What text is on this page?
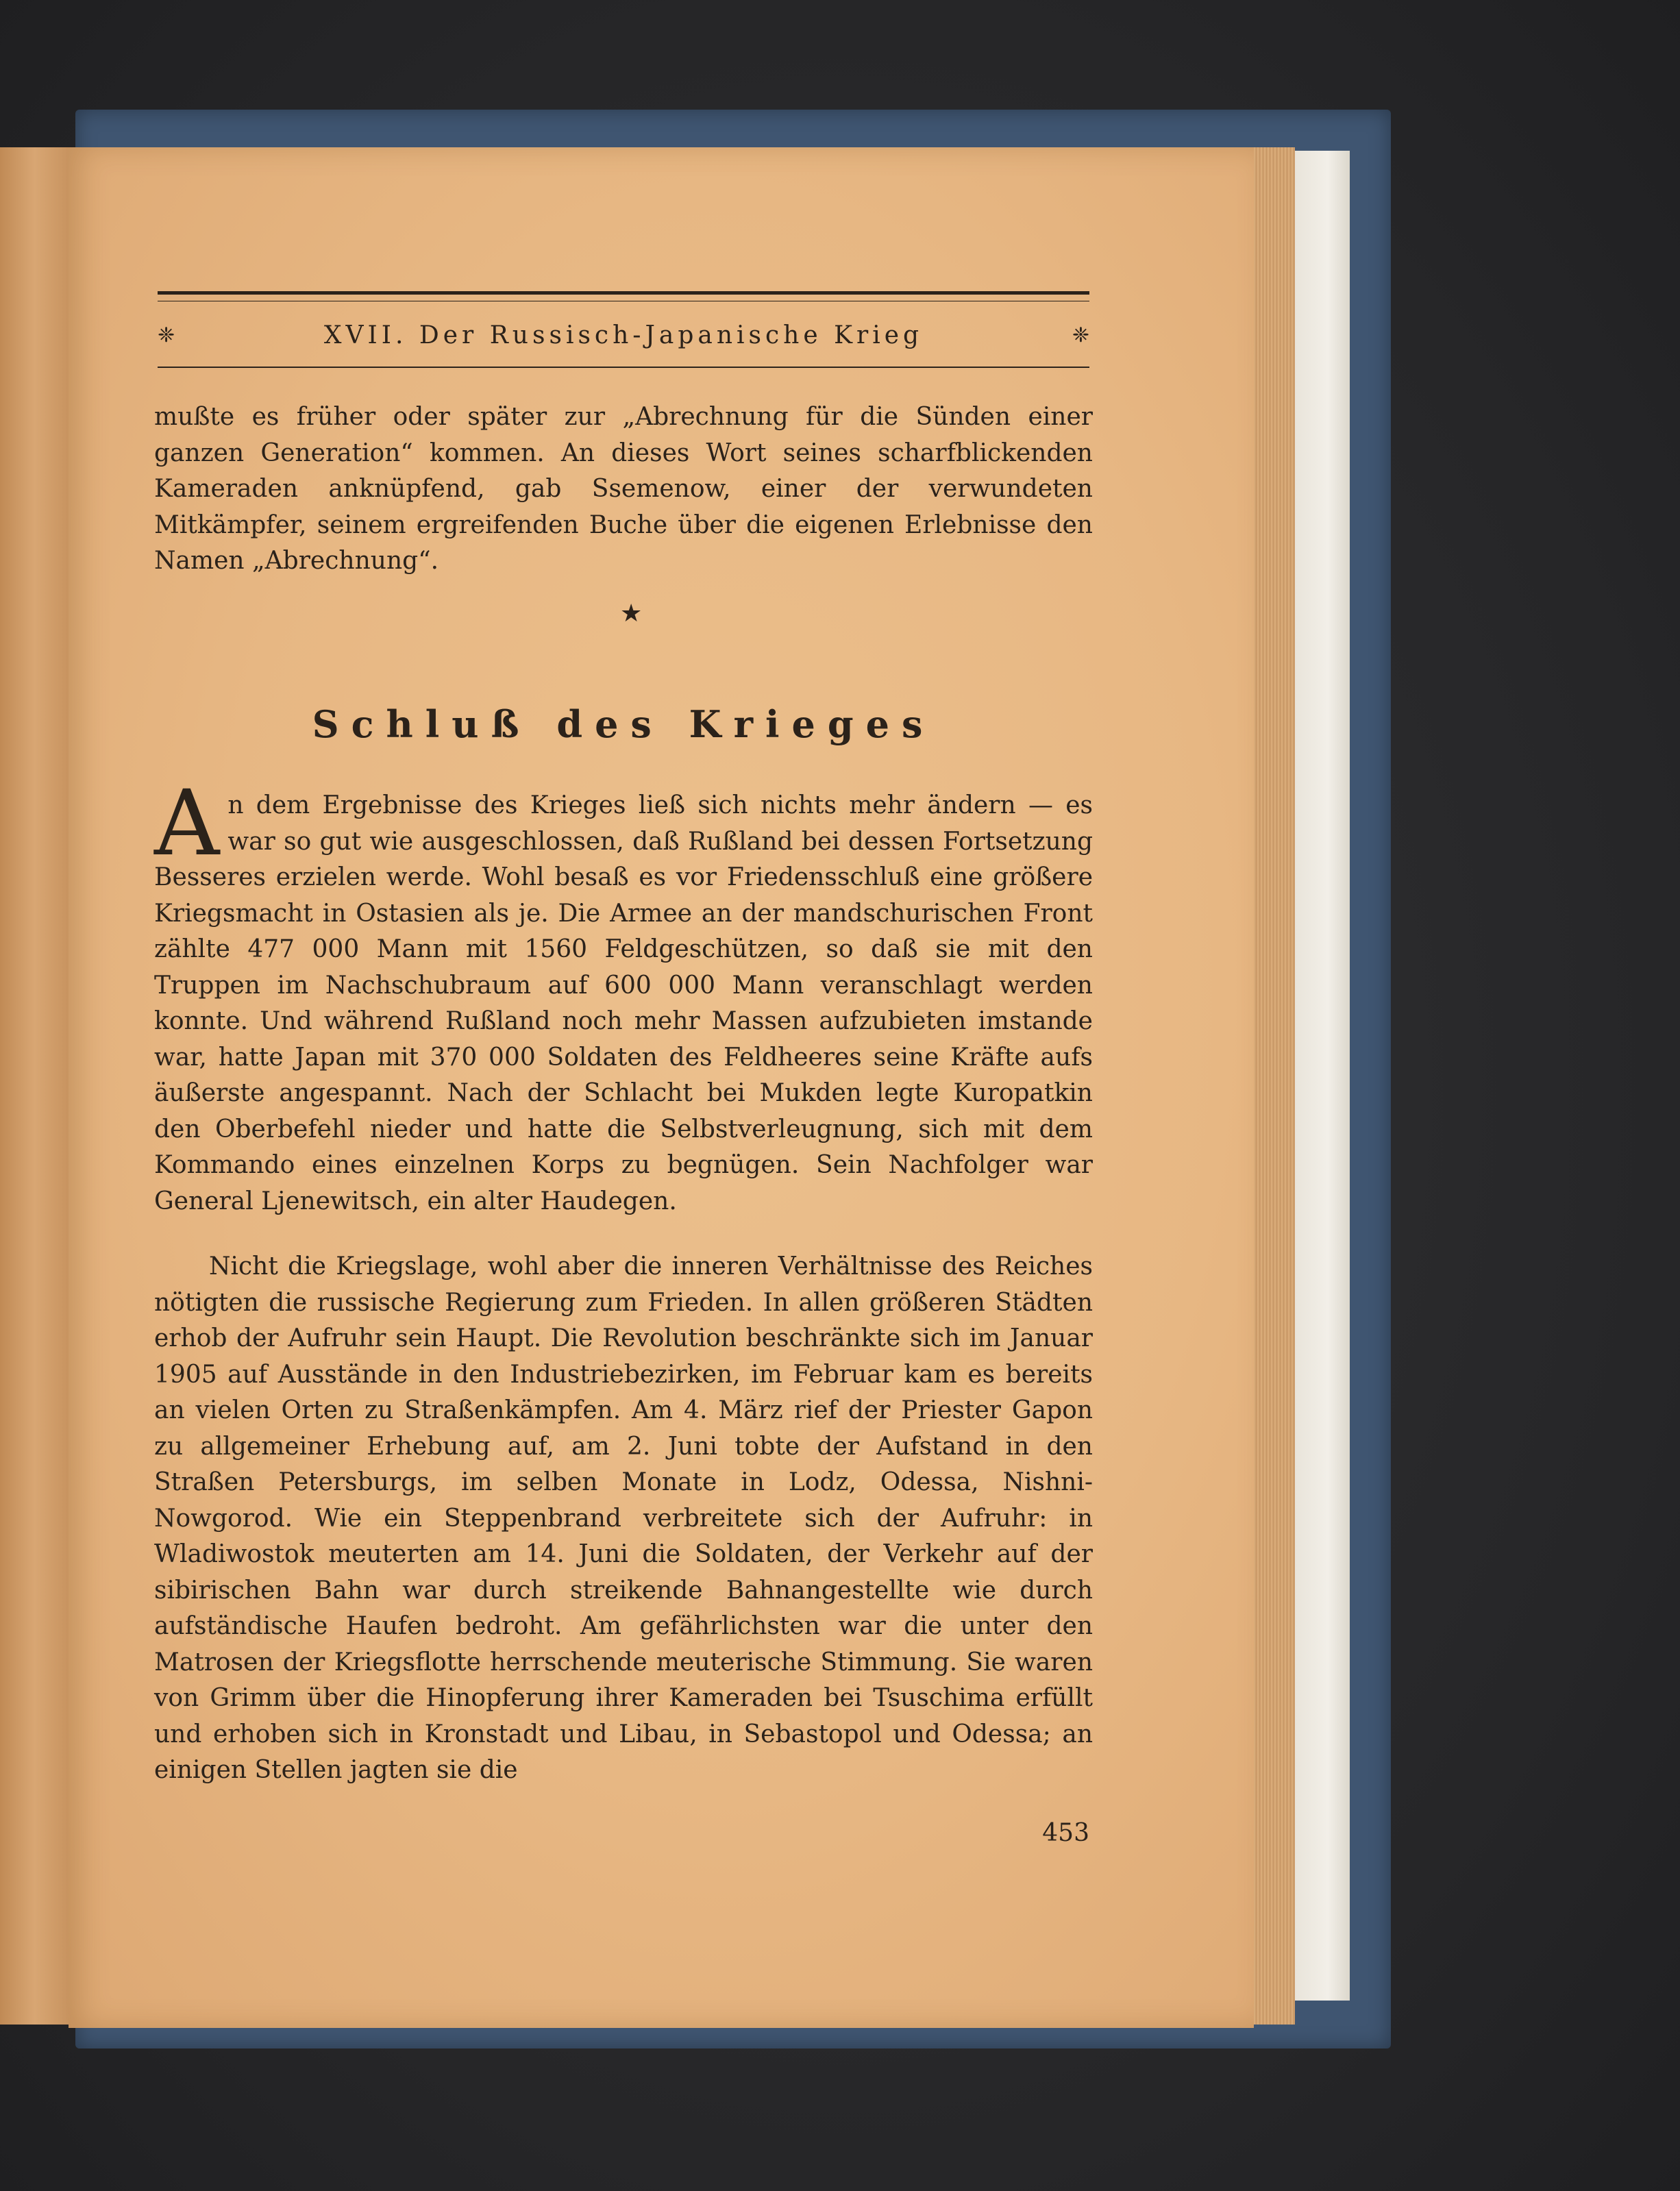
❈	XVII. Der Russisch-Japanische Krieg	❈

mußte es früher oder später zur „Abrechnung für die Sünden einer ganzen Generation“ kommen. An dieses Wort seines scharfblickenden Kameraden anknüpfend, gab Ssemenow, einer der verwundeten Mitkämpfer, seinem ergreifenden Buche über die eigenen Erlebnisse den Namen „Abrechnung“.

★
Schluß des Krieges

An dem Ergebnisse des Krieges ließ sich nichts mehr ändern — es war so gut wie ausgeschlossen, daß Rußland bei dessen Fortsetzung Besseres erzielen werde. Wohl besaß es vor Friedensschluß eine größere Kriegsmacht in Ostasien als je. Die Armee an der mandschurischen Front zählte 477 000 Mann mit 1560 Feldgeschützen, so daß sie mit den Truppen im Nachschubraum auf 600 000 Mann veranschlagt werden konnte. Und während Rußland noch mehr Massen aufzubieten imstande war, hatte Japan mit 370 000 Soldaten des Feldheeres seine Kräfte aufs äußerste angespannt. Nach der Schlacht bei Mukden legte Kuropatkin den Oberbefehl nieder und hatte die Selbstverleugnung, sich mit dem Kommando eines einzelnen Korps zu begnügen. Sein Nachfolger war General Ljenewitsch, ein alter Haudegen.

Nicht die Kriegslage, wohl aber die inneren Verhältnisse des Reiches nötigten die russische Regierung zum Frieden. In allen größeren Städten erhob der Aufruhr sein Haupt. Die Revolution beschränkte sich im Januar 1905 auf Ausstände in den Industriebezirken, im Februar kam es bereits an vielen Orten zu Straßenkämpfen. Am 4. März rief der Priester Gapon zu allgemeiner Erhebung auf, am 2. Juni tobte der Aufstand in den Straßen Petersburgs, im selben Monate in Lodz, Odessa, Nishni-Nowgorod. Wie ein Steppenbrand verbreitete sich der Aufruhr: in Wladiwostok meuterten am 14. Juni die Soldaten, der Verkehr auf der sibirischen Bahn war durch streikende Bahnangestellte wie durch aufständische Haufen bedroht. Am gefährlichsten war die unter den Matrosen der Kriegsflotte herrschende meuterische Stimmung. Sie waren von Grimm über die Hinopferung ihrer Kameraden bei Tsuschima erfüllt und erhoben sich in Kronstadt und Libau, in Sebastopol und Odessa; an einigen Stellen jagten sie die

453
